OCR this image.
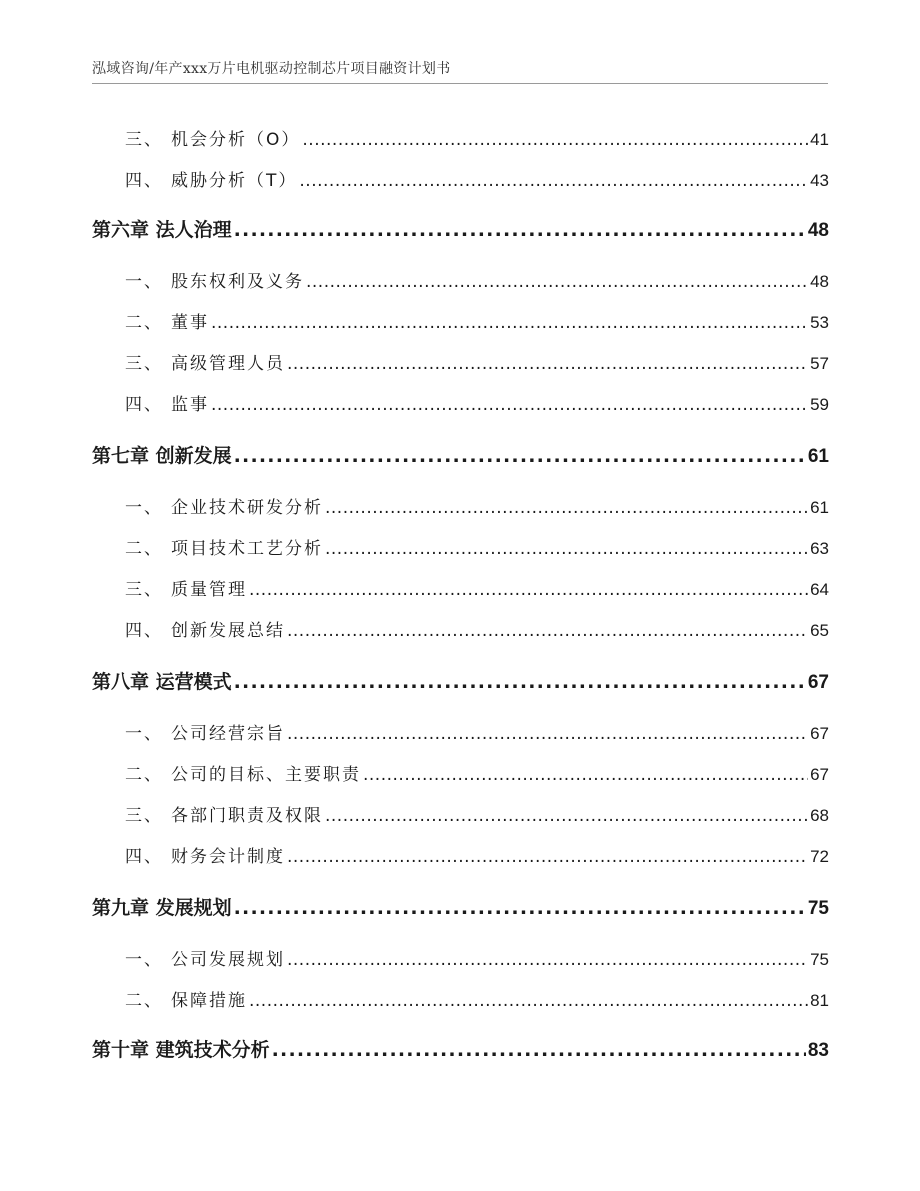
泓域咨询/年产xxx万片电机驱动控制芯片项目融资计划书
三、 机会分析（O） .....	41
四、 威胁分析（T） .....	43
第六章 法人治理 .....	48
一、 股东权利及义务 .....	48
二、 董事 .....	53
三、 高级管理人员 .....	57
四、 监事 .....	59
第七章 创新发展 .....	61
一、 企业技术研发分析 .....	61
二、 项目技术工艺分析 .....	63
三、 质量管理 .....	64
四、 创新发展总结 .....	65
第八章 运营模式 .....	67
一、 公司经营宗旨 .....	67
二、 公司的目标、主要职责 .....	67
三、 各部门职责及权限 .....	68
四、 财务会计制度 .....	72
第九章 发展规划 .....	75
一、 公司发展规划 .....	75
二、 保障措施 .....	81
第十章 建筑技术分析 .....	83
